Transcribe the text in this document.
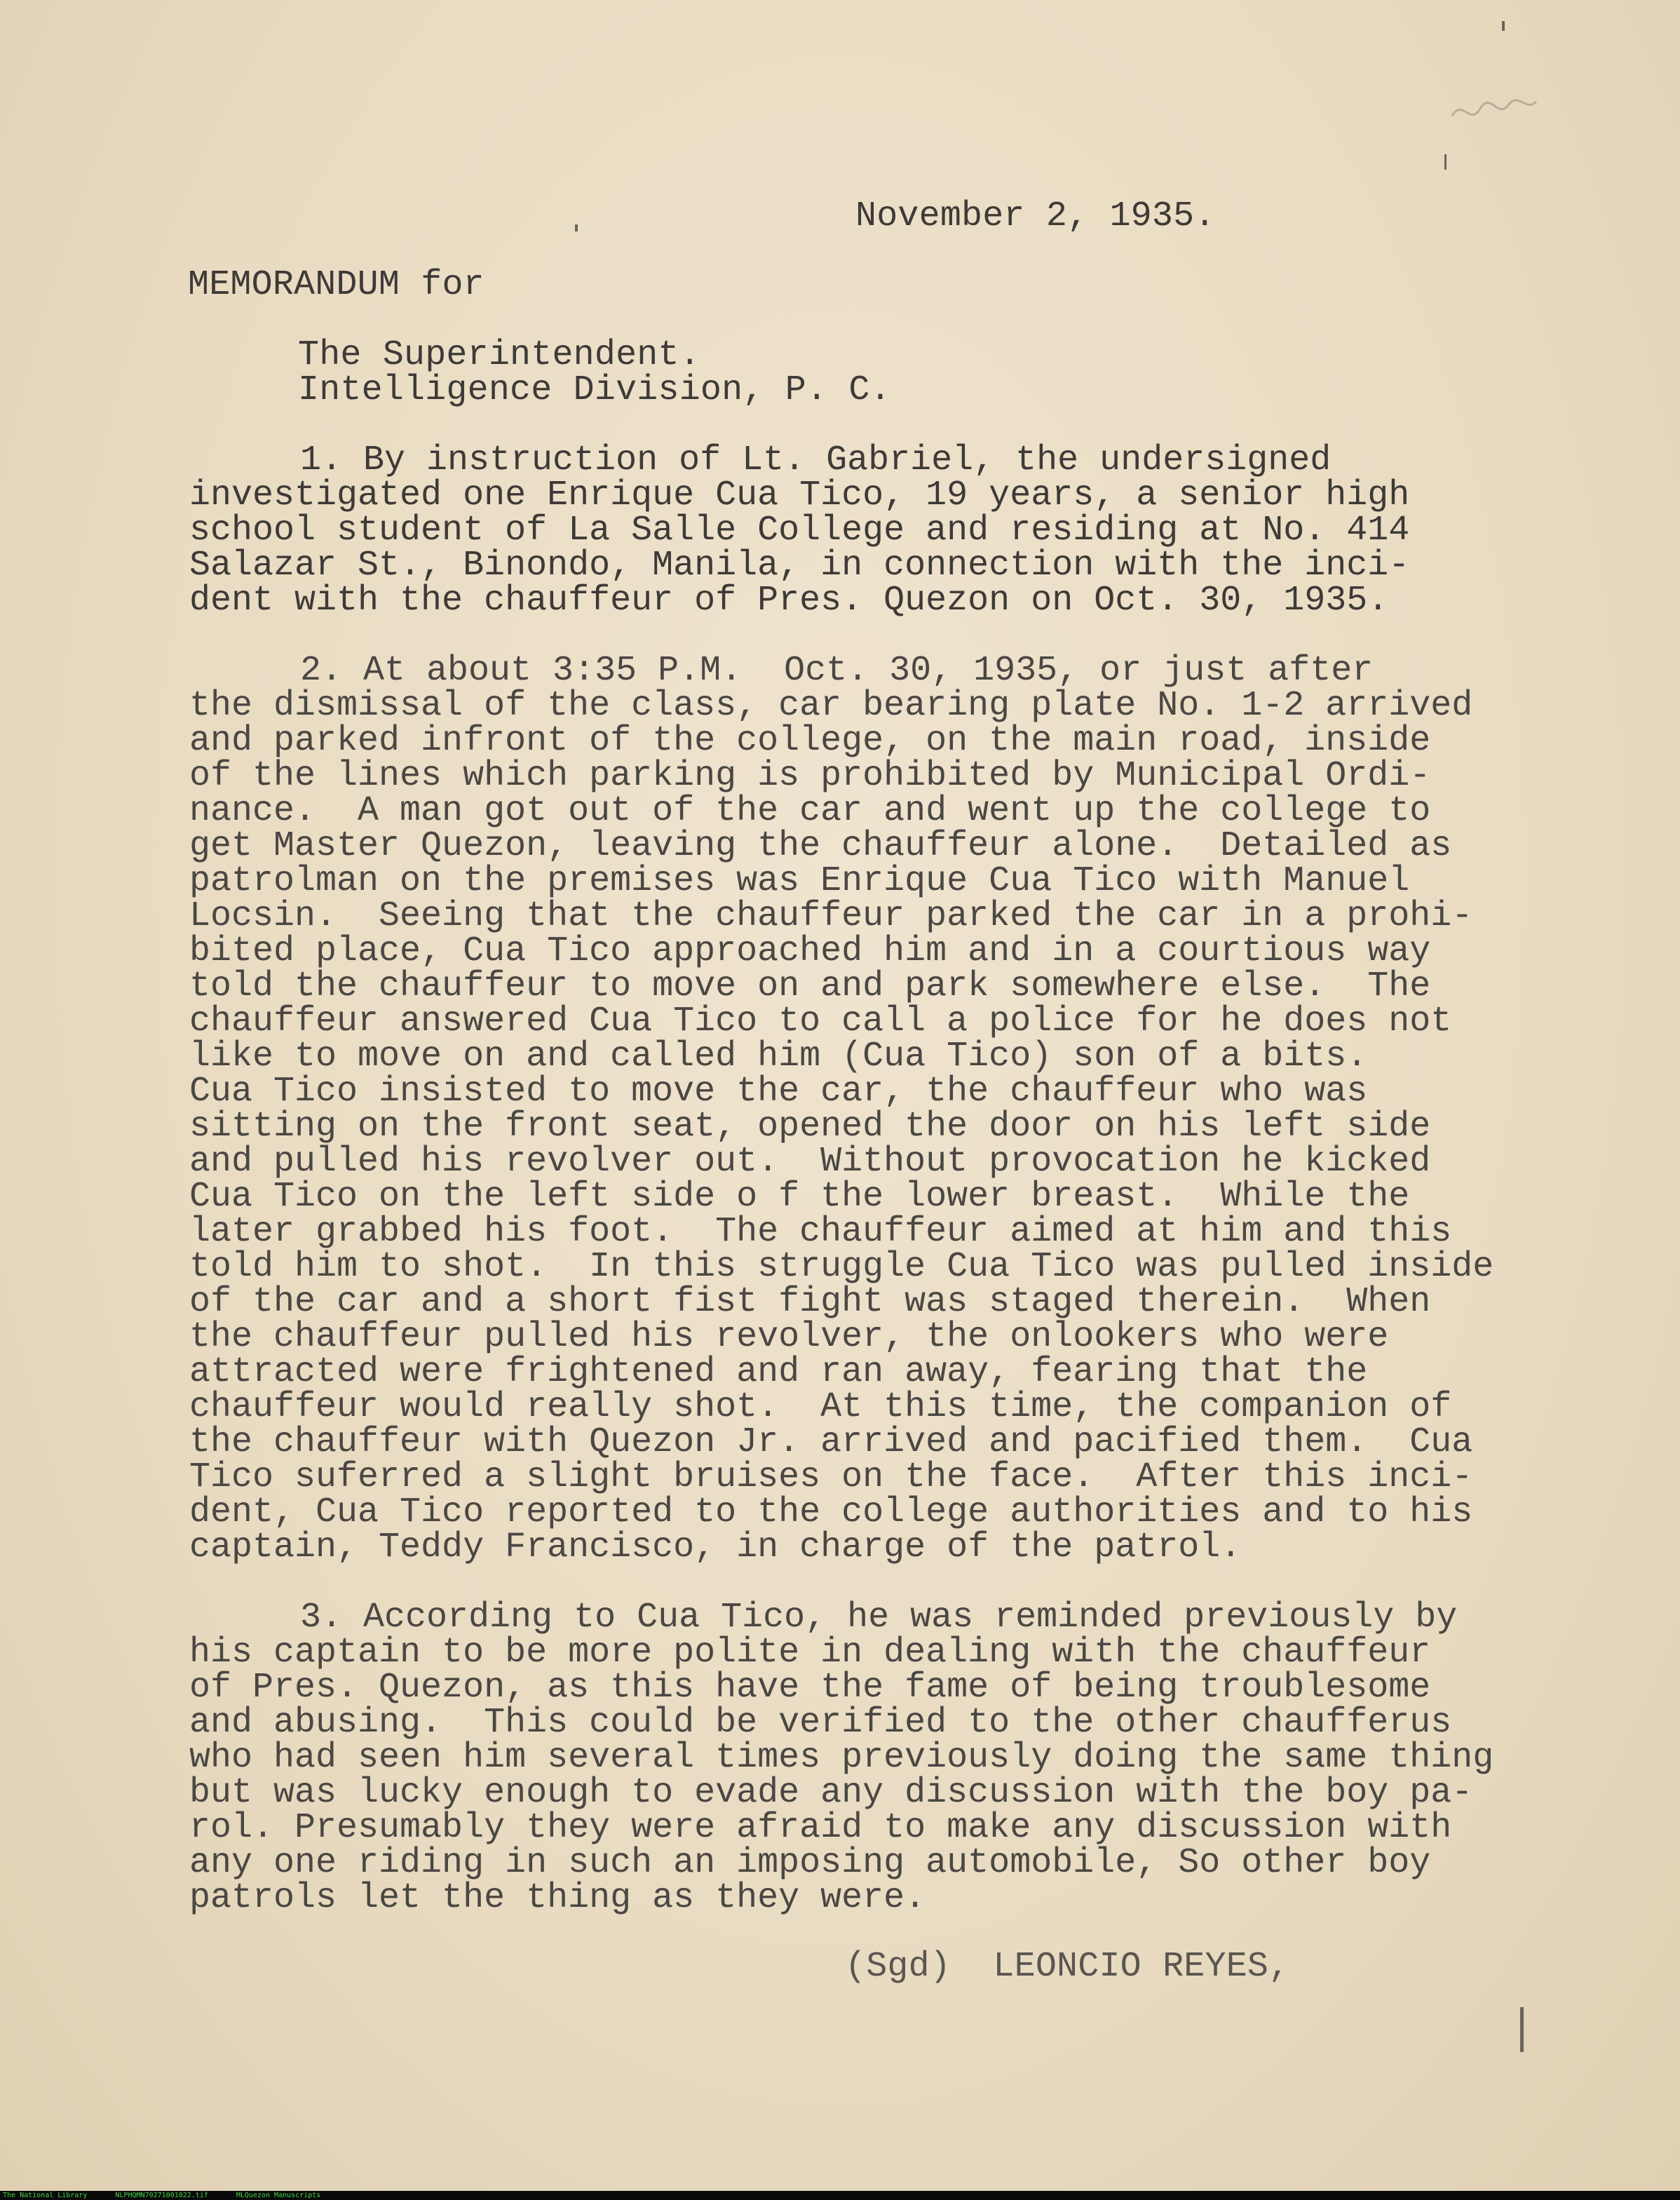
November 2, 1935.
MEMORANDUM for
The Superintendent.
Intelligence Division, P. C.
1. By instruction of Lt. Gabriel, the undersigned
investigated one Enrique Cua Tico, 19 years, a senior high
school student of La Salle College and residing at No. 414
Salazar St., Binondo, Manila, in connection with the inci-
dent with the chauffeur of Pres. Quezon on Oct. 30, 1935.
2. At about 3:35 P.M.  Oct. 30, 1935, or just after
the dismissal of the class, car bearing plate No. 1-2 arrived
and parked infront of the college, on the main road, inside
of the lines which parking is prohibited by Municipal Ordi-
nance.  A man got out of the car and went up the college to
get Master Quezon, leaving the chauffeur alone.  Detailed as
patrolman on the premises was Enrique Cua Tico with Manuel
Locsin.  Seeing that the chauffeur parked the car in a prohi-
bited place, Cua Tico approached him and in a courtious way
told the chauffeur to move on and park somewhere else.  The
chauffeur answered Cua Tico to call a police for he does not
like to move on and called him (Cua Tico) son of a bits.
Cua Tico insisted to move the car, the chauffeur who was
sitting on the front seat, opened the door on his left side
and pulled his revolver out.  Without provocation he kicked
Cua Tico on the left side o f the lower breast.  While the
later grabbed his foot.  The chauffeur aimed at him and this
told him to shot.  In this struggle Cua Tico was pulled inside
of the car and a short fist fight was staged therein.  When
the chauffeur pulled his revolver, the onlookers who were
attracted were frightened and ran away, fearing that the
chauffeur would really shot.  At this time, the companion of
the chauffeur with Quezon Jr. arrived and pacified them.  Cua
Tico suferred a slight bruises on the face.  After this inci-
dent, Cua Tico reported to the college authorities and to his
captain, Teddy Francisco, in charge of the patrol.
3. According to Cua Tico, he was reminded previously by
his captain to be more polite in dealing with the chauffeur
of Pres. Quezon, as this have the fame of being troublesome
and abusing.  This could be verified to the other chaufferus
who had seen him several times previously doing the same thing
but was lucky enough to evade any discussion with the boy pa-
rol. Presumably they were afraid to make any discussion with
any one riding in such an imposing automobile, So other boy
patrols let the thing as they were.
(Sgd)  LEONCIO REYES,
The National Library	NLPHQMN70271001022.tif	MLQuezon Manuscripts
